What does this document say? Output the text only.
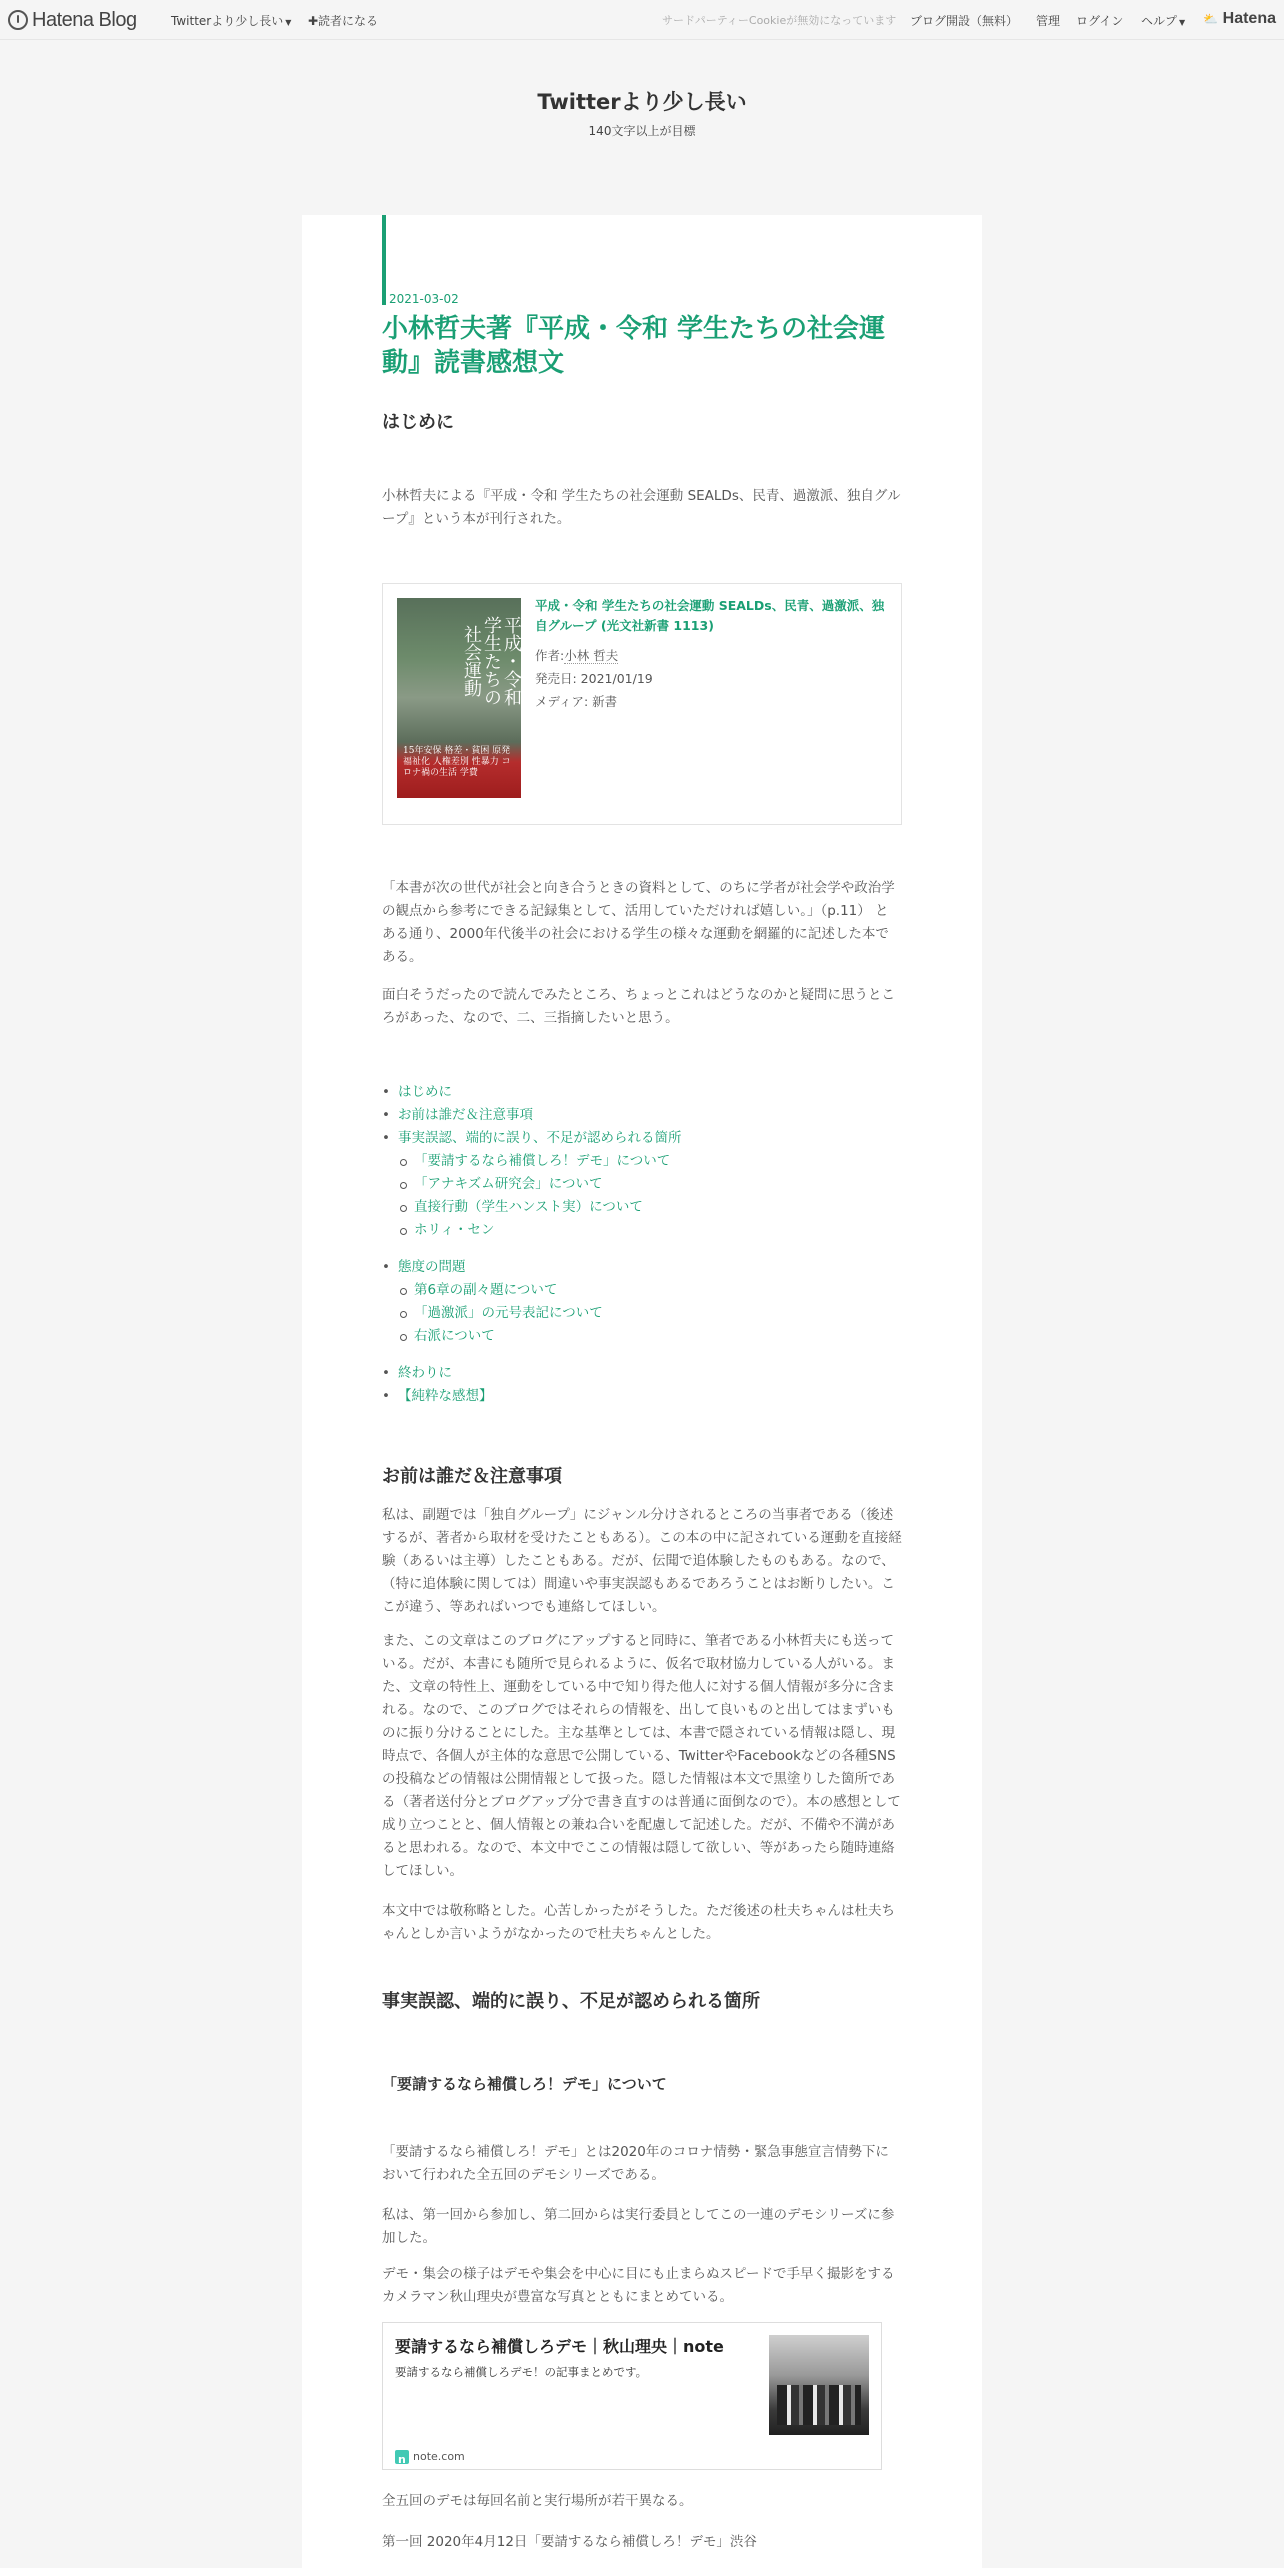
Hatena Blog	Twitterより少し長い ▼ ✚読者になる	サードパーティーCookieが無効になっています ブログ開設（無料） 管理 ログイン ヘルプ ▼ ⛅ Hatena
Twitterより少し長い
140文字以上が目標
2021-03-02
小林哲夫著『平成・令和 学生たちの社会運動』読書感想文
はじめに
小林哲夫による『平成・令和 学生たちの社会運動 SEALDs、民青、過激派、独自グループ』という本が刊行された。
平成・令和 学生たちの 社会運動
15年安保 格差・貧困 原発 福祉化 人権差別 性暴力 コロナ禍の生活 学費
平成・令和 学生たちの社会運動 SEALDs、民青、過激派、独自グループ (光文社新書 1113)
作者:小林 哲夫
発売日: 2021/01/19
メディア: 新書
「本書が次の世代が社会と向き合うときの資料として、のちに学者が社会学や政治学の観点から参考にできる記録集として、活用していただければ嬉しい。」（p.11） とある通り、2000年代後半の社会における学生の様々な運動を網羅的に記述した本である。
面白そうだったので読んでみたところ、ちょっとこれはどうなのかと疑問に思うところがあった、なので、二、三指摘したいと思う。
• はじめに
• お前は誰だ＆注意事項
• 事実誤認、端的に誤り、不足が認められる箇所
「要請するなら補償しろ！デモ」について
「アナキズム研究会」について
直接行動（学生ハンスト実）について
ホリィ・セン
• 態度の問題
第6章の副々題について
「過激派」の元号表記について
右派について
• 終わりに
• 【純粋な感想】
お前は誰だ＆注意事項
私は、副題では「独自グループ」にジャンル分けされるところの当事者である（後述するが、著者から取材を受けたこともある）。この本の中に記されている運動を直接経験（あるいは主導）したこともある。だが、伝聞で追体験したものもある。なので、（特に追体験に関しては）間違いや事実誤認もあるであろうことはお断りしたい。ここが違う、等あればいつでも連絡してほしい。
また、この文章はこのブログにアップすると同時に、筆者である小林哲夫にも送っている。だが、本書にも随所で見られるように、仮名で取材協力している人がいる。また、文章の特性上、運動をしている中で知り得た他人に対する個人情報が多分に含まれる。なので、このブログではそれらの情報を、出して良いものと出してはまずいものに振り分けることにした。主な基準としては、本書で隠されている情報は隠し、現時点で、各個人が主体的な意思で公開している、TwitterやFacebookなどの各種SNSの投稿などの情報は公開情報として扱った。隠した情報は本文で黒塗りした箇所である（著者送付分とブログアップ分で書き直すのは普通に面倒なので）。本の感想として成り立つことと、個人情報との兼ね合いを配慮して記述した。だが、不備や不満があると思われる。なので、本文中でここの情報は隠して欲しい、等があったら随時連絡してほしい。
本文中では敬称略とした。心苦しかったがそうした。ただ後述の杜夫ちゃんは杜夫ちゃんとしか言いようがなかったので杜夫ちゃんとした。
事実誤認、端的に誤り、不足が認められる箇所
「要請するなら補償しろ！デモ」について
「要請するなら補償しろ！デモ」とは2020年のコロナ情勢・緊急事態宣言情勢下において行われた全五回のデモシリーズである。
私は、第一回から参加し、第二回からは実行委員としてこの一連のデモシリーズに参加した。
デモ・集会の様子はデモや集会を中心に目にも止まらぬスピードで手早く撮影をするカメラマン秋山理央が豊富な写真とともにまとめている。
要請するなら補償しろデモ｜秋山理央｜note
要請するなら補償しろデモ！の記事まとめです。
n
note.com
全五回のデモは毎回名前と実行場所が若干異なる。
第一回 2020年4月12日「要請するなら補償しろ！デモ」渋谷
